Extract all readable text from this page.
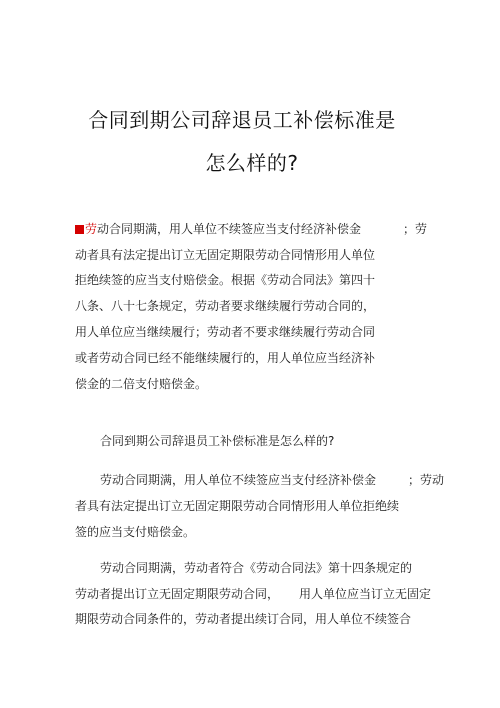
合同到期公司辞退员工补偿标准是
怎么样的?
劳动合同期满，用人单位不续签应当支付经济补偿金	；劳
动者具有法定提出订立无固定期限劳动合同情形用人单位
拒绝续签的应当支付赔偿金。根据《劳动合同法》第四十
八条、八十七条规定，劳动者要求继续履行劳动合同的，
用人单位应当继续履行；劳动者不要求继续履行劳动合同
或者劳动合同已经不能继续履行的，用人单位应当经济补
偿金的二倍支付赔偿金。
合同到期公司辞退员工补偿标准是怎么样的?
劳动合同期满，用人单位不续签应当支付经济补偿金	；劳动
者具有法定提出订立无固定期限劳动合同情形用人单位拒绝续
签的应当支付赔偿金。
劳动合同期满，劳动者符合《劳动合同法》第十四条规定的
劳动者提出订立无固定期限劳动合同， 用人单位应当订立无固定
期限劳动合同条件的，劳动者提出续订合同，用人单位不续签合
